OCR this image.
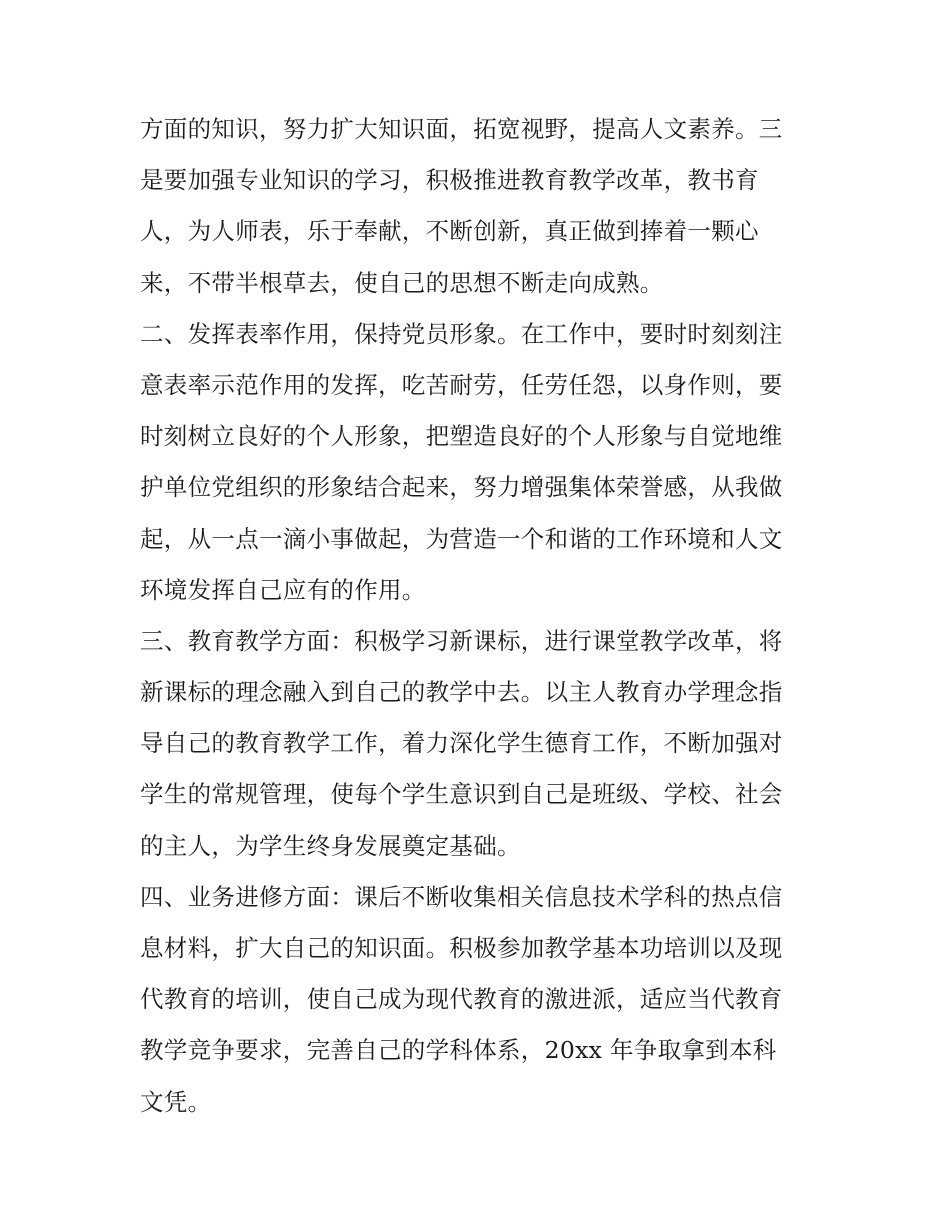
方面的知识，努力扩大知识面，拓宽视野，提高人文素养。三
是要加强专业知识的学习，积极推进教育教学改革，教书育
人，为人师表，乐于奉献，不断创新，真正做到捧着一颗心
来，不带半根草去，使自己的思想不断走向成熟。
二、发挥表率作用，保持党员形象。在工作中，要时时刻刻注
意表率示范作用的发挥，吃苦耐劳，任劳任怨，以身作则，要
时刻树立良好的个人形象，把塑造良好的个人形象与自觉地维
护单位党组织的形象结合起来，努力增强集体荣誉感，从我做
起，从一点一滴小事做起，为营造一个和谐的工作环境和人文
环境发挥自己应有的作用。
三、教育教学方面：积极学习新课标，进行课堂教学改革，将
新课标的理念融入到自己的教学中去。以主人教育办学理念指
导自己的教育教学工作，着力深化学生德育工作，不断加强对
学生的常规管理，使每个学生意识到自己是班级、学校、社会
的主人，为学生终身发展奠定基础。
四、业务进修方面：课后不断收集相关信息技术学科的热点信
息材料，扩大自己的知识面。积极参加教学基本功培训以及现
代教育的培训，使自己成为现代教育的激进派，适应当代教育
教学竞争要求，完善自己的学科体系，20xx 年争取拿到本科
文凭。
